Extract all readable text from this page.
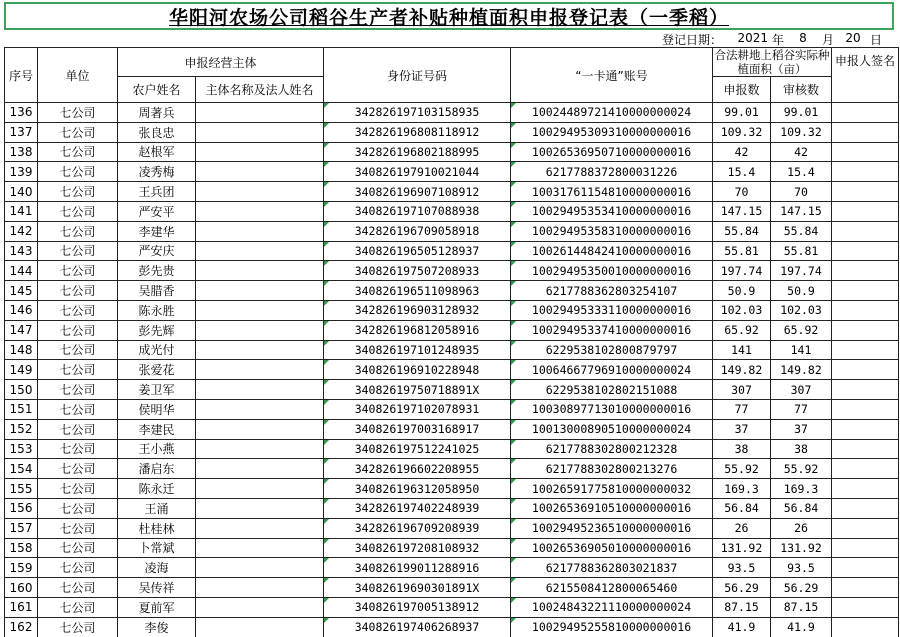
华阳河农场公司 稻谷生产者补贴种植面积申报登记表（一季稻）
登记日期：	2021 年	8	月 20 日
序号	单位	申报经营主体		身份证号码	“一卡通”账号	合法耕地上稻谷实际种植面积（亩）		申报人签名
		农户姓名	主体名称及法人姓名			申报数	审核数	
136	七公司	周著兵		342826197103158935	10024489721410000000024	99.01	99.01	
137	七公司	张良忠		342826196808118912	10029495309310000000016	109.32	109.32	
138	七公司	赵根军		342826196802188995	10026536950710000000016	42	42	
139	七公司	凌秀梅		340826197910021044	6217788372800031226	15.4	15.4	
140	七公司	王兵团		340826196907108912	10031761154810000000016	70	70	
141	七公司	严安平		340826197107088938	10029495353410000000016	147.15	147.15	
142	七公司	李建华		342826196709058918	10029495358310000000016	55.84	55.84	
143	七公司	严安庆		340826196505128937	10026144842410000000016	55.81	55.81	
144	七公司	彭先贵		340826197507208933	10029495350010000000016	197.74	197.74	
145	七公司	吴腊香		340826196511098963	6217788362803254107	50.9	50.9	
146	七公司	陈永胜		342826196903128932	10029495333110000000016	102.03	102.03	
147	七公司	彭先辉		342826196812058916	10029495337410000000016	65.92	65.92	
148	七公司	成光付		340826197101248935	6229538102800879797	141	141	
149	七公司	张爱花		340826196910228948	10064667796910000000024	149.82	149.82	
150	七公司	姜卫军		34082619750718891X	6229538102802151088	307	307	
151	七公司	侯明华		340826197102078931	10030897713010000000016	77	77	
152	七公司	李建民		340826197003168917	10013000890510000000024	37	37	
153	七公司	王小燕		340826197512241025	6217788302800212328	38	38	
154	七公司	潘启东		342826196602208955	6217788302800213276	55.92	55.92	
155	七公司	陈永迁		340826196312058950	10026591775810000000032	169.3	169.3	
156	七公司	王涌		342826197402248939	10026536910510000000016	56.84	56.84	
157	七公司	杜桂林		342826196709208939	10029495236510000000016	26	26	
158	七公司	卜常斌		340826197208108932	10026536905010000000016	131.92	131.92	
159	七公司	凌海		340826199011288916	6217788362803021837	93.5	93.5	
160	七公司	吴传祥		34082619690301891X	6215508412800065460	56.29	56.29	
161	七公司	夏前军		340826197005138912	10024843221110000000024	87.15	87.15	
162	七公司	李俊		340826197406268937	10029495255810000000016	41.9	41.9	
